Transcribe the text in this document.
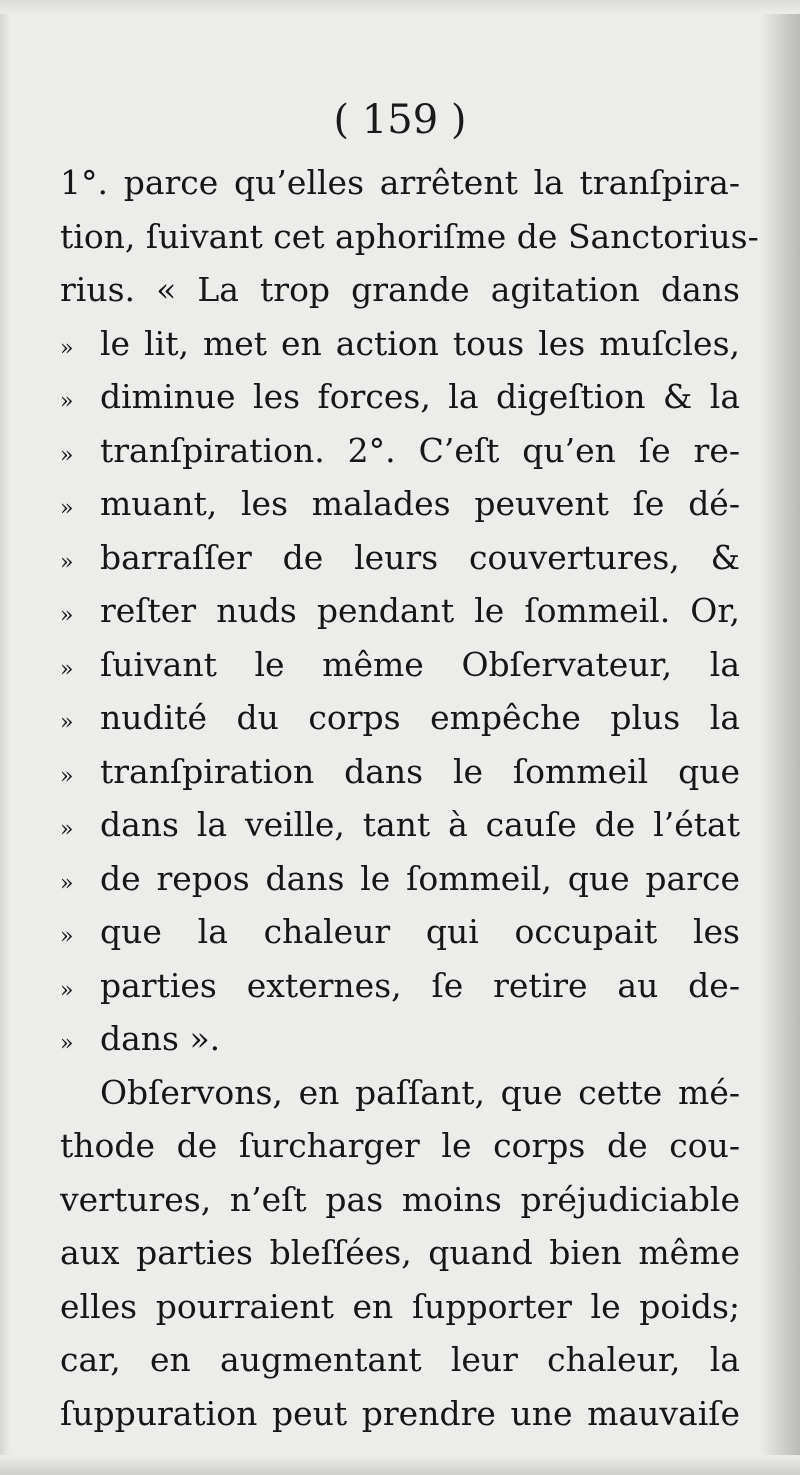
( 159 )
1°. parce qu’elles arrêtent la tranſpira-
tion, ſuivant cet aphoriſme de Sanctorius-
rius. « La trop grande agitation dans
» le lit, met en action tous les muſcles,
» diminue les forces, la digeſtion & la
» tranſpiration. 2°. C’eſt qu’en ſe re-
» muant, les malades peuvent ſe dé-
» barraſſer de leurs couvertures, &
» reſter nuds pendant le ſommeil. Or,
» ſuivant le même Obſervateur, la
» nudité du corps empêche plus la
» tranſpiration dans le ſommeil que
» dans la veille, tant à cauſe de l’état
» de repos dans le ſommeil, que parce
» que la chaleur qui occupait les
» parties externes, ſe retire au de-
» dans ».
Obſervons, en paſſant, que cette mé-
thode de ſurcharger le corps de cou-
vertures, n’eſt pas moins préjudiciable
aux parties bleſſées, quand bien même
elles pourraient en ſupporter le poids;
car, en augmentant leur chaleur, la
ſuppuration peut prendre une mauvaiſe
